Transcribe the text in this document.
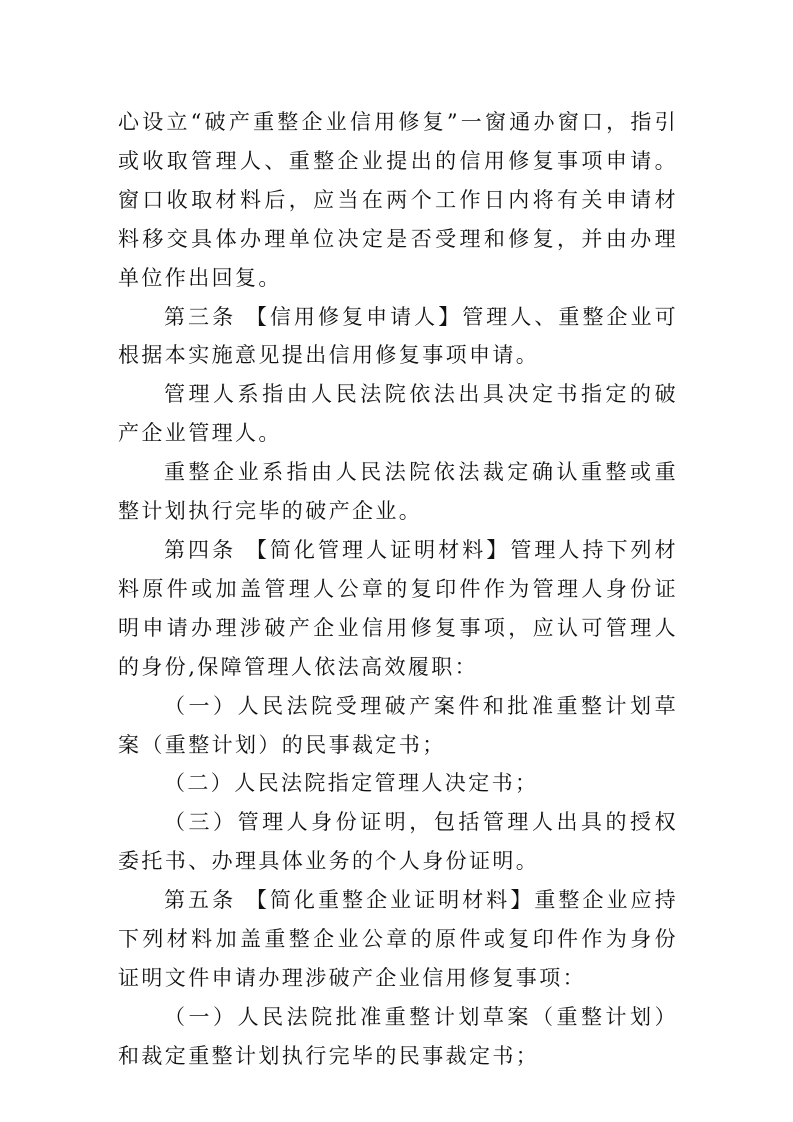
心设立“破产重整企业信用修复”一窗通办窗口，指引或收取管理人、重整企业提出的信用修复事项申请。窗口收取材料后，应当在两个工作日内将有关申请材料移交具体办理单位决定是否受理和修复，并由办理单位作出回复。

第三条 【信用修复申请人】管理人、重整企业可根据本实施意见提出信用修复事项申请。

管理人系指由人民法院依法出具决定书指定的破产企业管理人。

重整企业系指由人民法院依法裁定确认重整或重整计划执行完毕的破产企业。

第四条 【简化管理人证明材料】管理人持下列材料原件或加盖管理人公章的复印件作为管理人身份证明申请办理涉破产企业信用修复事项，应认可管理人的身份,保障管理人依法高效履职：

（一）人民法院受理破产案件和批准重整计划草案（重整计划）的民事裁定书；

（二）人民法院指定管理人决定书；

（三）管理人身份证明，包括管理人出具的授权委托书、办理具体业务的个人身份证明。

第五条 【简化重整企业证明材料】重整企业应持下列材料加盖重整企业公章的原件或复印件作为身份证明文件申请办理涉破产企业信用修复事项：

（一）人民法院批准重整计划草案（重整计划）和裁定重整计划执行完毕的民事裁定书；
